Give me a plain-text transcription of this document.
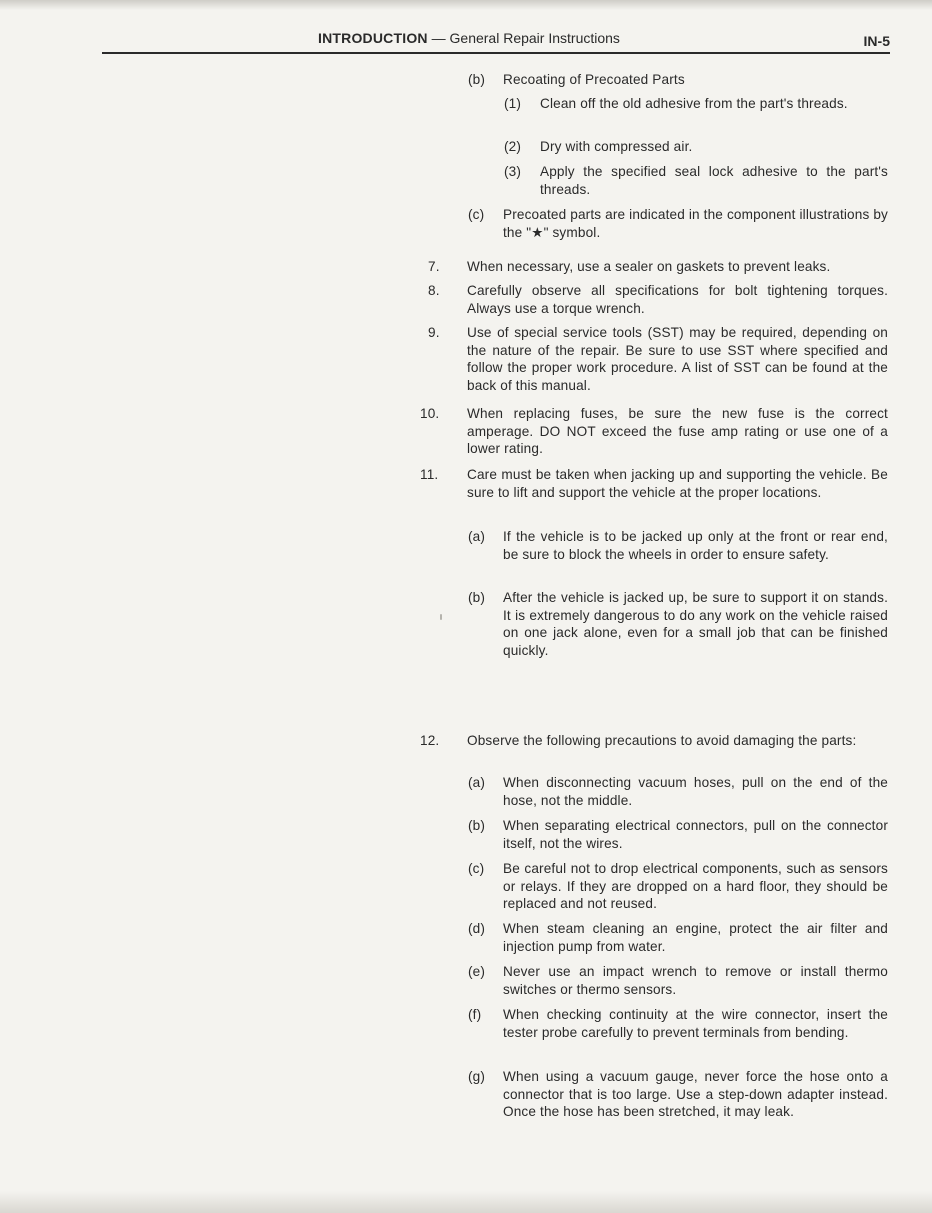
INTRODUCTION — General Repair Instructions	IN-5
(b) Recoating of Precoated Parts
(1) Clean off the old adhesive from the part's threads.
(2) Dry with compressed air.
(3) Apply the specified seal lock adhesive to the part's threads.
(c) Precoated parts are indicated in the component illustrations by the "★" symbol.
7. When necessary, use a sealer on gaskets to prevent leaks.
8. Carefully observe all specifications for bolt tightening torques. Always use a torque wrench.
9. Use of special service tools (SST) may be required, depending on the nature of the repair. Be sure to use SST where specified and follow the proper work procedure. A list of SST can be found at the back of this manual.
10. When replacing fuses, be sure the new fuse is the correct amperage. DO NOT exceed the fuse amp rating or use one of a lower rating.
11. Care must be taken when jacking up and supporting the vehicle. Be sure to lift and support the vehicle at the proper locations.
(a) If the vehicle is to be jacked up only at the front or rear end, be sure to block the wheels in order to ensure safety.
(b) After the vehicle is jacked up, be sure to support it on stands. It is extremely dangerous to do any work on the vehicle raised on one jack alone, even for a small job that can be finished quickly.
12. Observe the following precautions to avoid damaging the parts:
(a) When disconnecting vacuum hoses, pull on the end of the hose, not the middle.
(b) When separating electrical connectors, pull on the connector itself, not the wires.
(c) Be careful not to drop electrical components, such as sensors or relays. If they are dropped on a hard floor, they should be replaced and not reused.
(d) When steam cleaning an engine, protect the air filter and injection pump from water.
(e) Never use an impact wrench to remove or install thermo switches or thermo sensors.
(f) When checking continuity at the wire connector, insert the tester probe carefully to prevent terminals from bending.
(g) When using a vacuum gauge, never force the hose onto a connector that is too large. Use a step-down adapter instead. Once the hose has been stretched, it may leak.
